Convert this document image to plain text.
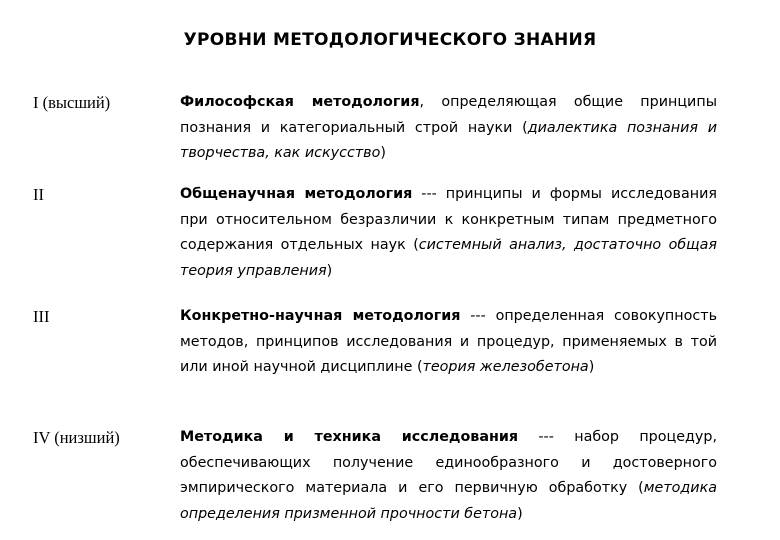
УРОВНИ МЕТОДОЛОГИЧЕСКОГО ЗНАНИЯ
I (высший)	Философская методология, определяющая общие принципы познания и категориальный строй науки (диалектика познания и творчества, как искусство)
II	Общенаучная методология --- принципы и формы исследования при относительном безразличии к конкретным типам предметного содержания отдельных наук (системный анализ, достаточно общая теория управления)
III	Конкретно-научная методология --- определенная совокупность методов, принципов исследования и процедур, применяемых в той или иной научной дисциплине (теория железобетона)
IV (низший)	Методика и техника исследования --- набор процедур, обеспечивающих получение единообразного и достоверного эмпирического материала и его первичную обработку (методика определения призменной прочности бетона)
